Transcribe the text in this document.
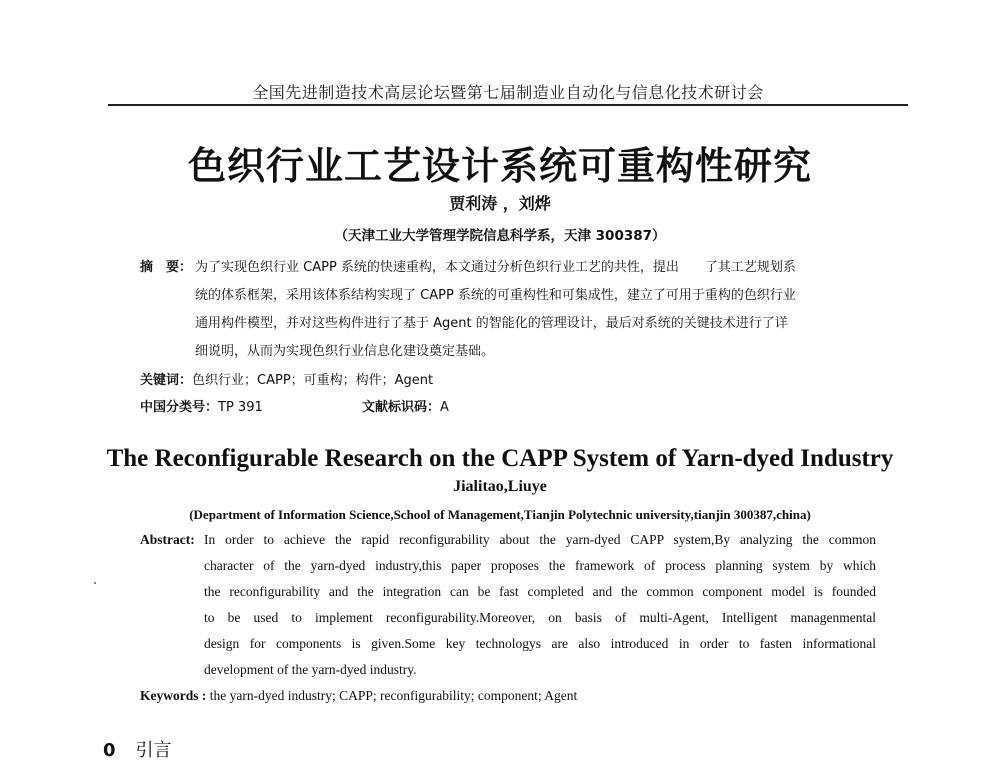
全国先进制造技术高层论坛暨第七届制造业自动化与信息化技术研讨会
色织行业工艺设计系统可重构性研究
贾利涛 ，刘烨
（天津工业大学管理学院信息科学系，天津 300387）
摘　要： 为了实现色织行业 CAPP 系统的快速重构，本文通过分析色织行业工艺的共性，提出　　了其工艺规划系
统的体系框架，采用该体系结构实现了 CAPP 系统的可重构性和可集成性，建立了可用于重构的色织行业
通用构件模型，并对这些构件进行了基于 Agent 的智能化的管理设计，最后对系统的关键技术进行了详
细说明，从而为实现色织行业信息化建设奠定基础。
关键词：色织行业；CAPP；可重构；构件；Agent
中国分类号：TP 391	文献标识码：A
The Reconfigurable Research on the CAPP System of Yarn-dyed Industry
Jialitao,Liuye
(Department of Information Science,School of Management,Tianjin Polytechnic university,tianjin 300387,china)
Abstract: In order to achieve the rapid reconfigurability about the yarn-dyed CAPP system,By analyzing the common
character of the yarn-dyed industry,this paper proposes the framework of process planning system by which
the reconfigurability and the integration can be fast completed and the common component model is founded
to be used to implement reconfigurability.Moreover, on basis of multi-Agent, Intelligent managenmental
design for components is given.Some key technologys are also introduced in order to fasten informational
development of the yarn-dyed industry.
Keywords : the yarn-dyed industry; CAPP; reconfigurability; component; Agent
0 引言
